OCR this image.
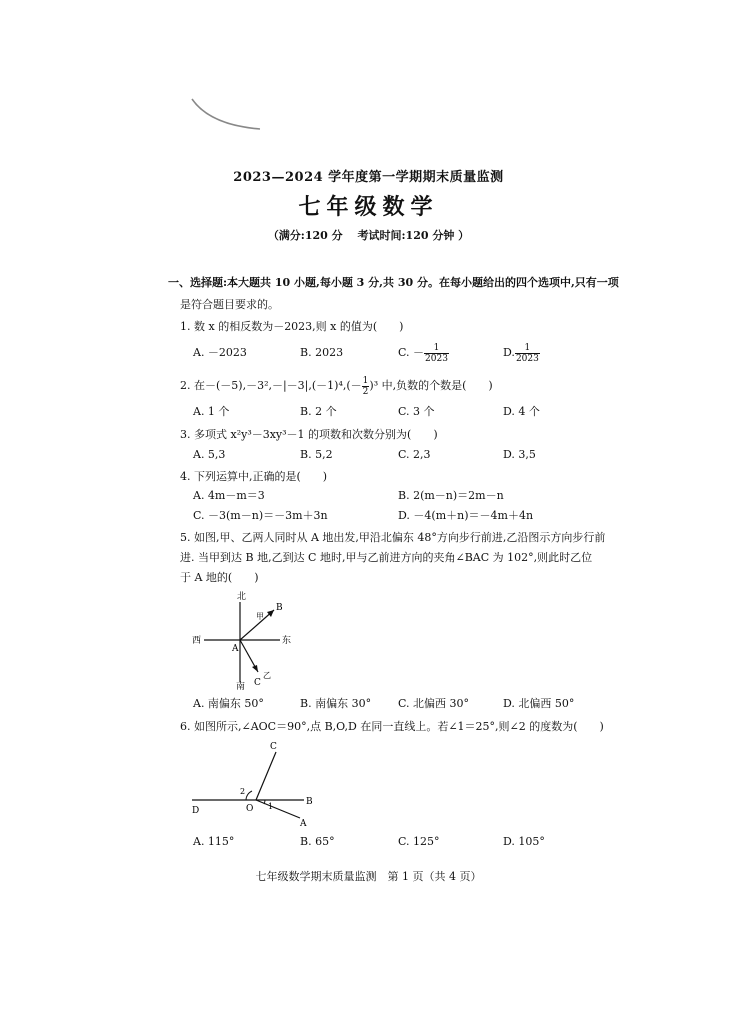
2023—2024 学年度第一学期期末质量监测
七年级数学
（满分:120 分　 考试时间:120 分钟 ）
一、选择题:本大题共 10 小题,每小题 3 分,共 30 分。在每小题给出的四个选项中,只有一项
是符合题目要求的。
1. 数 x 的相反数为－2023,则 x 的值为(　　)
A. －2023	B. 2023	C. － $\frac{1}{2023}$	D. $\frac{1}{2023}$
2. 在$-(-5),-3^2,-|-3|,(-1)^4,(- \frac{1}{2} )^3$ 中,负数的个数是(　　)
A. 1 个	B. 2 个	C. 3 个	D. 4 个
3. 多项式 x²y³－3xy³－1 的项数和次数分别为(　　)
A. 5,3	B. 5,2	C. 2,3	D. 3,5
4. 下列运算中,正确的是(　　)
A. 4m－m＝3	B. 2(m－n)＝2m－n
C. －3(m－n)＝－3m＋3n	D. －4(m＋n)＝－4m＋4n
5. 如图,甲、乙两人同时从 A 地出发,甲沿北偏东 48°方向步行前进,乙沿图示方向步行前
进. 当甲到达 B 地,乙到达 C 地时,甲与乙前进方向的夹角∠BAC 为 102°,则此时乙位
于 A 地的(　　)
北
南
东
西
A
B
C
甲
乙
A. 南偏东 50°	B. 南偏东 30° C. 北偏西 30°	D. 北偏西 50°
6. 如图所示,∠AOC＝90°,点 B,O,D 在同一直线上。若∠1＝25°,则∠2 的度数为(　　)
C
D	O
B
A
1
2
A. 115°	B. 65°	C. 125°	D. 105°
七年级数学期末质量监测　第 1 页（共 4 页）
